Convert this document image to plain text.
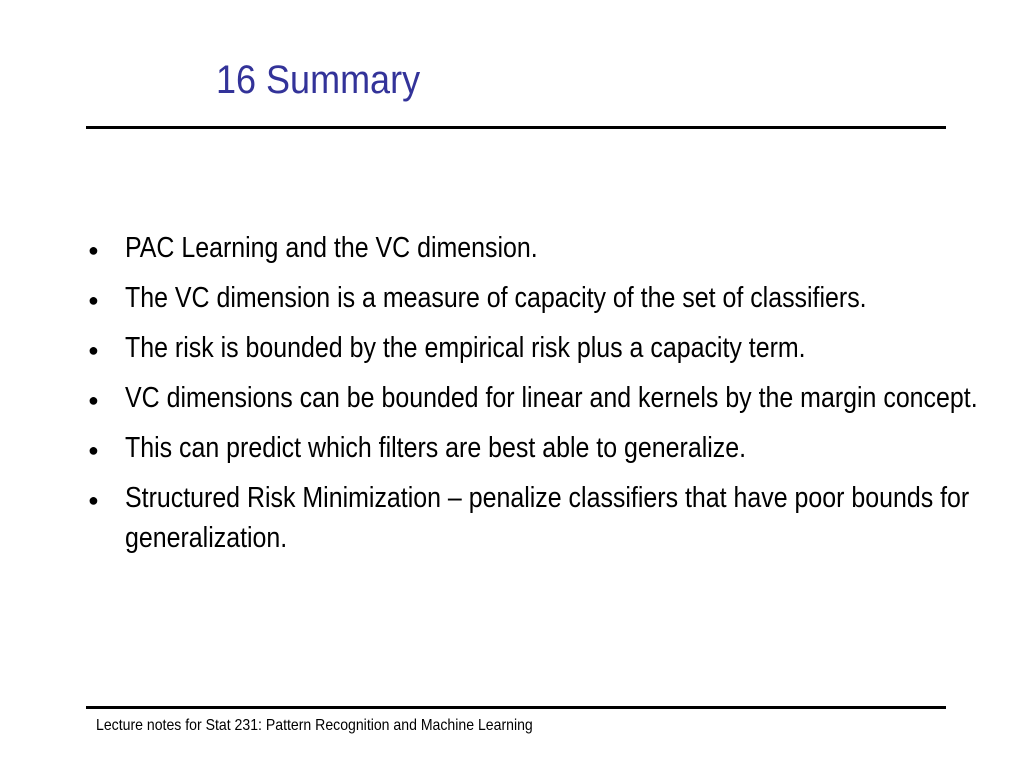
16 Summary
● PAC Learning and the VC dimension.
● The VC dimension is a measure of capacity of the set of classifiers.
● The risk is bounded by the empirical risk plus a capacity term.
● VC dimensions can be bounded for linear and kernels by the margin concept.
● This can predict which filters are best able to generalize.
● Structured Risk Minimization – penalize classifiers that have poor bounds for generalization.
Lecture notes for Stat 231: Pattern Recognition and Machine Learning
